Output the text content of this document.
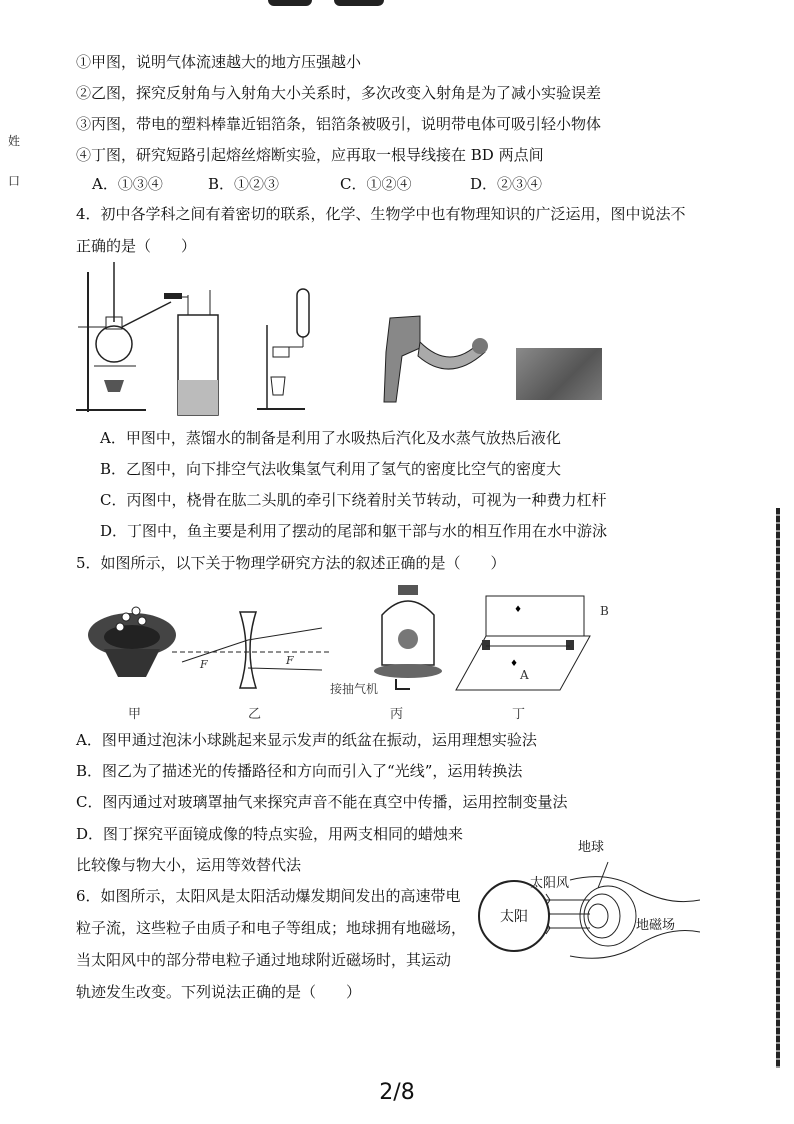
姓
口
①甲图，说明气体流速越大的地方压强越小
②乙图，探究反射角与入射角大小关系时，多次改变入射角是为了减小实验误差
③丙图，带电的塑料棒靠近铝箔条，铝箔条被吸引，说明带电体可吸引轻小物体
④丁图，研究短路引起熔丝熔断实验，应再取一根导线接在 BD 两点间
A．①③④	B．①②③	C．①②④	D．②③④
4．初中各学科之间有着密切的联系，化学、生物学中也有物理知识的广泛运用，图中说法不
正确的是（　　）
A．甲图中，蒸馏水的制备是利用了水吸热后汽化及水蒸气放热后液化
B．乙图中，向下排空气法收集氢气利用了氢气的密度比空气的密度大
C．丙图中，桡骨在肱二头肌的牵引下绕着肘关节转动，可视为一种费力杠杆
D．丁图中，鱼主要是利用了摆动的尾部和躯干部与水的相互作用在水中游泳
5．如图所示，以下关于物理学研究方法的叙述正确的是（　　）
F	F
接抽气机
♦
♦
B
A
甲	乙	丙	丁
A．图甲通过泡沫小球跳起来显示发声的纸盆在振动，运用理想实验法
B．图乙为了描述光的传播路径和方向而引入了“光线”，运用转换法
C．图丙通过对玻璃罩抽气来探究声音不能在真空中传播，运用控制变量法
D．图丁探究平面镜成像的特点实验，用两支相同的蜡烛来
比较像与物大小，运用等效替代法
6．如图所示，太阳风是太阳活动爆发期间发出的高速带电
粒子流，这些粒子由质子和电子等组成；地球拥有地磁场，
当太阳风中的部分带电粒子通过地球附近磁场时，其运动
轨迹发生改变。下列说法正确的是（　　）
太阳
太阳风
地球
地磁场
2/8
